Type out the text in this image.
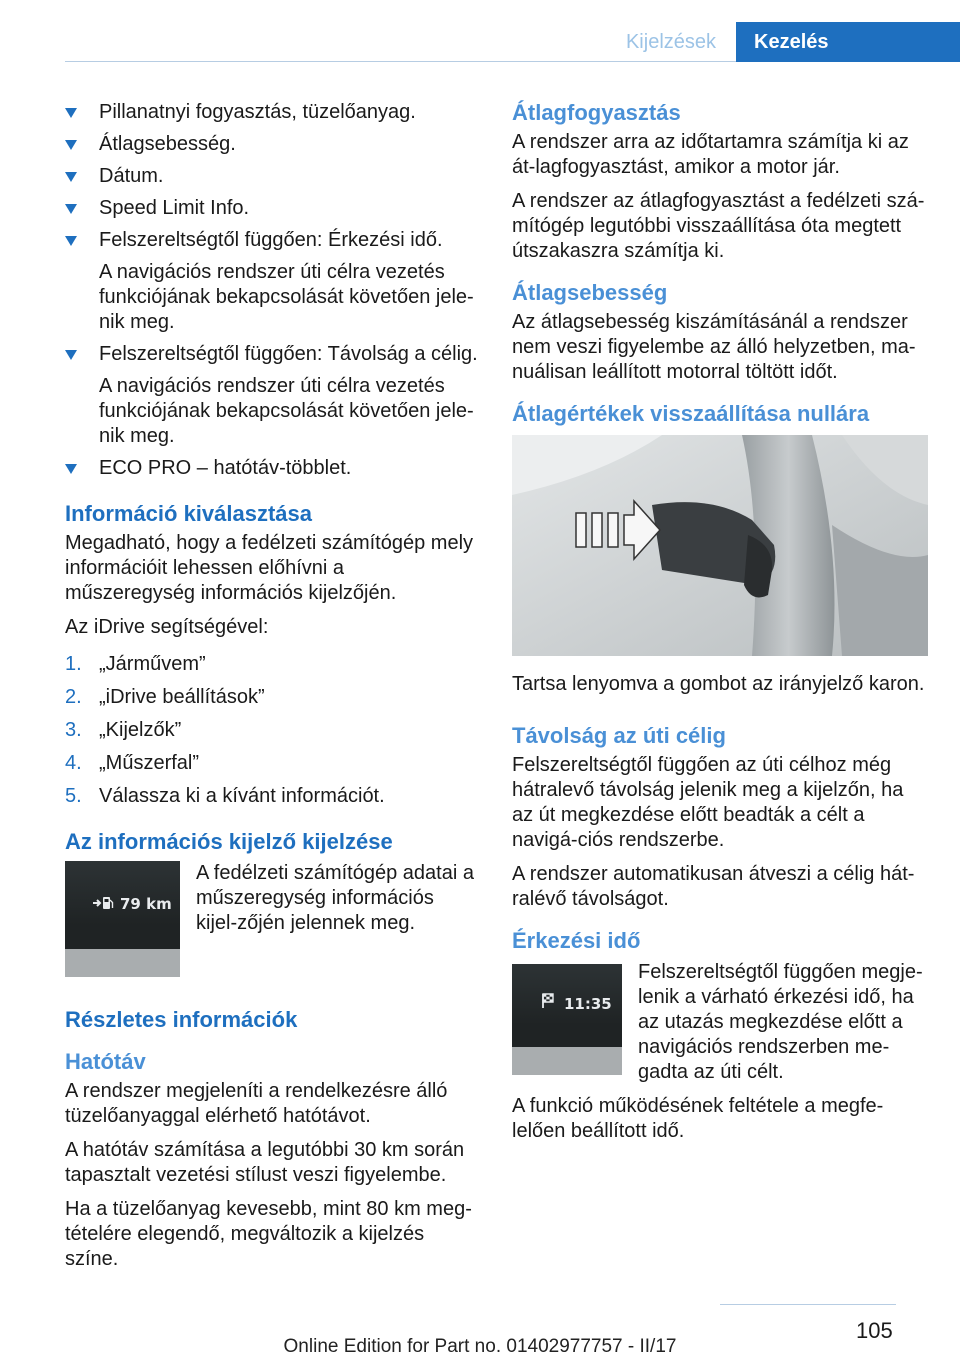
Kijelzések	Kezelés
Pillanatnyi fogyasztás, tüzelőanyag.
Átlagsebesség.
Dátum.
Speed Limit Info.
Felszereltségtől függően: Érkezési idő.
A navigációs rendszer úti célra vezetés funkciójának bekapcsolását követően jele‐nik meg.
Felszereltségtől függően: Távolság a célig.
A navigációs rendszer úti célra vezetés funkciójának bekapcsolását követően jele‐nik meg.
ECO PRO – hatótáv-többlet.
Információ kiválasztása

Megadható, hogy a fedélzeti számítógép mely információit lehessen előhívni a műszeregység információs kijelzőjén.

Az iDrive segítségével:

1. „Járművem”
2. „iDrive beállítások”
3. „Kijelzők”
4. „Műszerfal”
5. Válassza ki a kívánt információt.
Az információs kijelző kijelzése
79 km

A fedélzeti számítógép adatai a műszeregység információs kijel‐zőjén jelennek meg.

Részletes információk
Hatótáv

A rendszer megjeleníti a rendelkezésre álló tüzelőanyaggal elérhető hatótávot.

A hatótáv számítása a legutóbbi 30 km során tapasztalt vezetési stílust veszi figyelembe.

Ha a tüzelőanyag kevesebb, mint 80 km meg‐tételére elegendő, megváltozik a kijelzés színe.

Átlagfogyasztás

A rendszer arra az időtartamra számítja ki az át‐lagfogyasztást, amikor a motor jár.

A rendszer az átlagfogyasztást a fedélzeti szá‐mítógép legutóbbi visszaállítása óta megtett útszakaszra számítja ki.

Átlagsebesség

Az átlagsebesség kiszámításánál a rendszer nem veszi figyelembe az álló helyzetben, ma‐nuálisan leállított motorral töltött időt.

Átlagértékek visszaállítása nullára

Tartsa lenyomva a gombot az irányjelző karon.

Távolság az úti célig

Felszereltségtől függően az úti célhoz még hátralevő távolság jelenik meg a kijelzőn, ha az út megkezdése előtt beadták a célt a navigá‐ciós rendszerbe.

A rendszer automatikusan átveszi a célig hát‐ralévő távolságot.

Érkezési idő
11:35

Felszereltségtől függően megje‐lenik a várható érkezési idő, ha az utazás megkezdése előtt a navigációs rendszerben me‐gadta az úti célt.

A funkció működésének feltétele a megfe‐lelően beállított idő.

105
Online Edition for Part no. 01402977757 - II/17
